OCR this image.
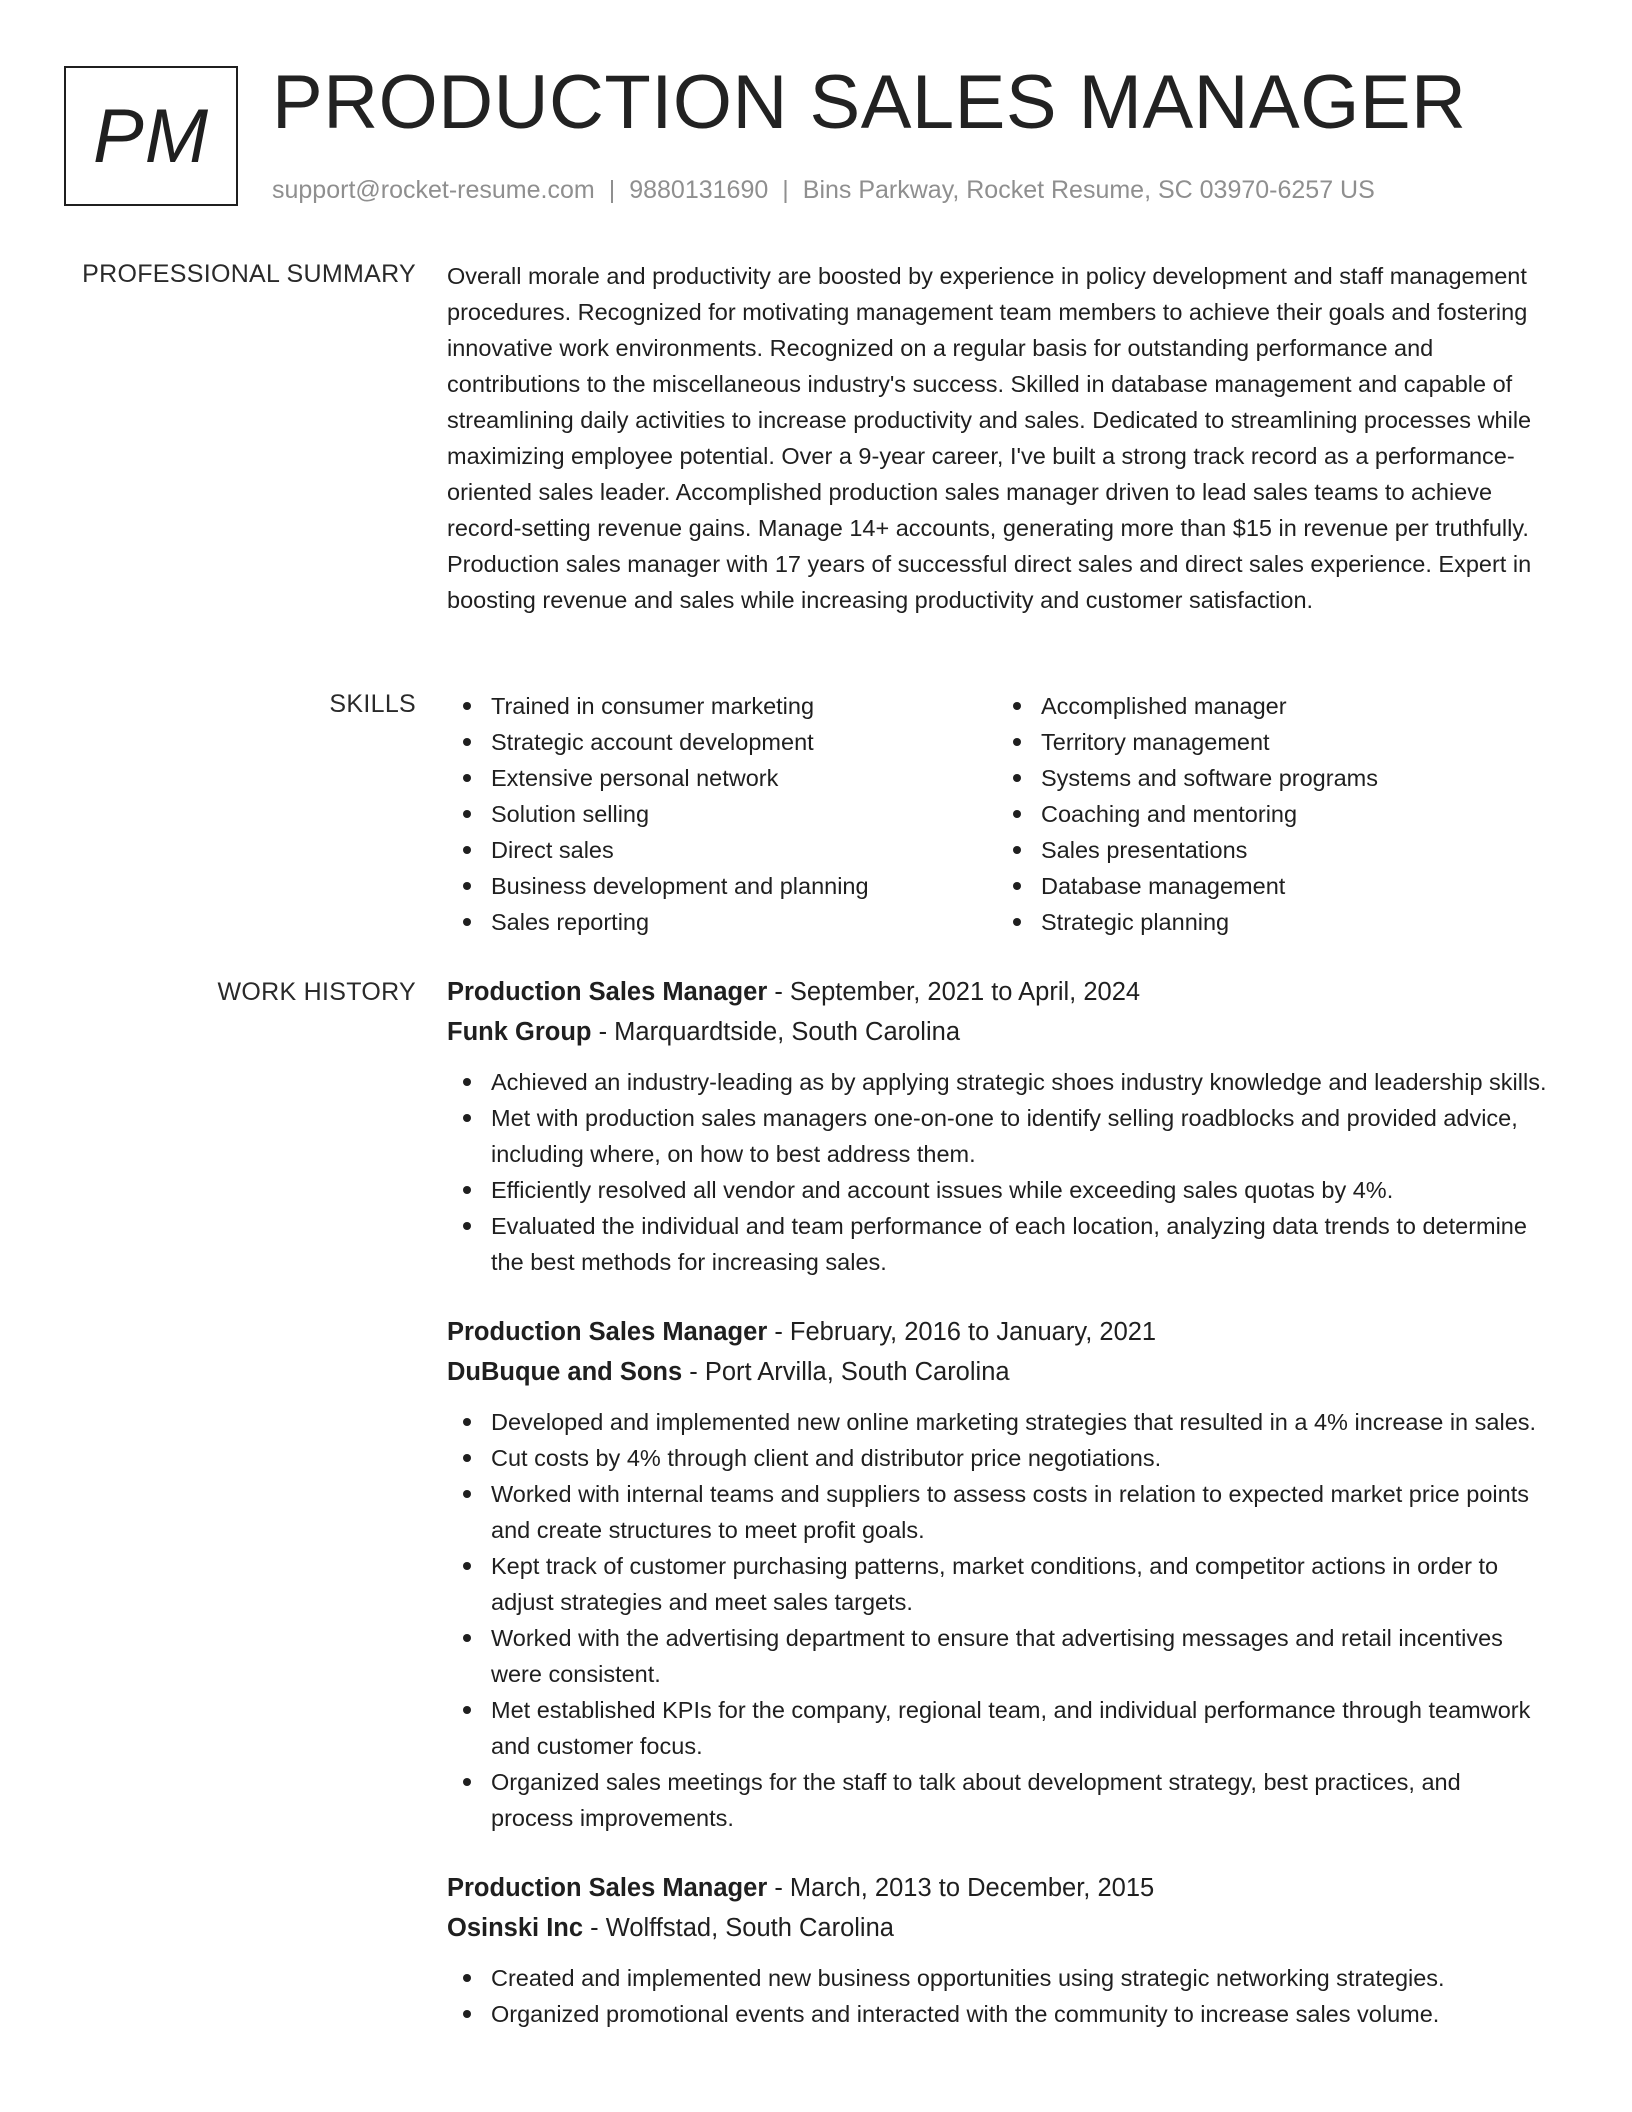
PM PRODUCTION SALES MANAGER
support@rocket-resume.com | 9880131690 | Bins Parkway, Rocket Resume, SC 03970-6257 US
PROFESSIONAL SUMMARY Overall morale and productivity are boosted by experience in policy development and staff management procedures. Recognized for motivating management team members to achieve their goals and fostering innovative work environments. Recognized on a regular basis for outstanding performance and contributions to the miscellaneous industry's success. Skilled in database management and capable of streamlining daily activities to increase productivity and sales. Dedicated to streamlining processes while maximizing employee potential. Over a 9-year career, I've built a strong track record as a performance-oriented sales leader. Accomplished production sales manager driven to lead sales teams to achieve record-setting revenue gains. Manage 14+ accounts, generating more than $15 in revenue per truthfully. Production sales manager with 17 years of successful direct sales and direct sales experience. Expert in boosting revenue and sales while increasing productivity and customer satisfaction.

SKILLS	Trained in consumer marketing
Strategic account development
Extensive personal network
Solution selling
Direct sales
Business development and planning
Sales reporting
Accomplished manager
Territory management
Systems and software programs
Coaching and mentoring
Sales presentations
Database management
Strategic planning
WORK HISTORY Production Sales Manager - September, 2021 to April, 2024
Funk Group - Marquardtside, South Carolina
Achieved an industry-leading as by applying strategic shoes industry knowledge and leadership skills.
Met with production sales managers one-on-one to identify selling roadblocks and provided advice, including where, on how to best address them.
Efficiently resolved all vendor and account issues while exceeding sales quotas by 4%.
Evaluated the individual and team performance of each location, analyzing data trends to determine the best methods for increasing sales.
Production Sales Manager - February, 2016 to January, 2021
DuBuque and Sons - Port Arvilla, South Carolina
Developed and implemented new online marketing strategies that resulted in a 4% increase in sales.
Cut costs by 4% through client and distributor price negotiations.
Worked with internal teams and suppliers to assess costs in relation to expected market price points and create structures to meet profit goals.
Kept track of customer purchasing patterns, market conditions, and competitor actions in order to adjust strategies and meet sales targets.
Worked with the advertising department to ensure that advertising messages and retail incentives were consistent.
Met established KPIs for the company, regional team, and individual performance through teamwork and customer focus.
Organized sales meetings for the staff to talk about development strategy, best practices, and process improvements.
Production Sales Manager - March, 2013 to December, 2015
Osinski Inc - Wolffstad, South Carolina
Created and implemented new business opportunities using strategic networking strategies.
Organized promotional events and interacted with the community to increase sales volume.
